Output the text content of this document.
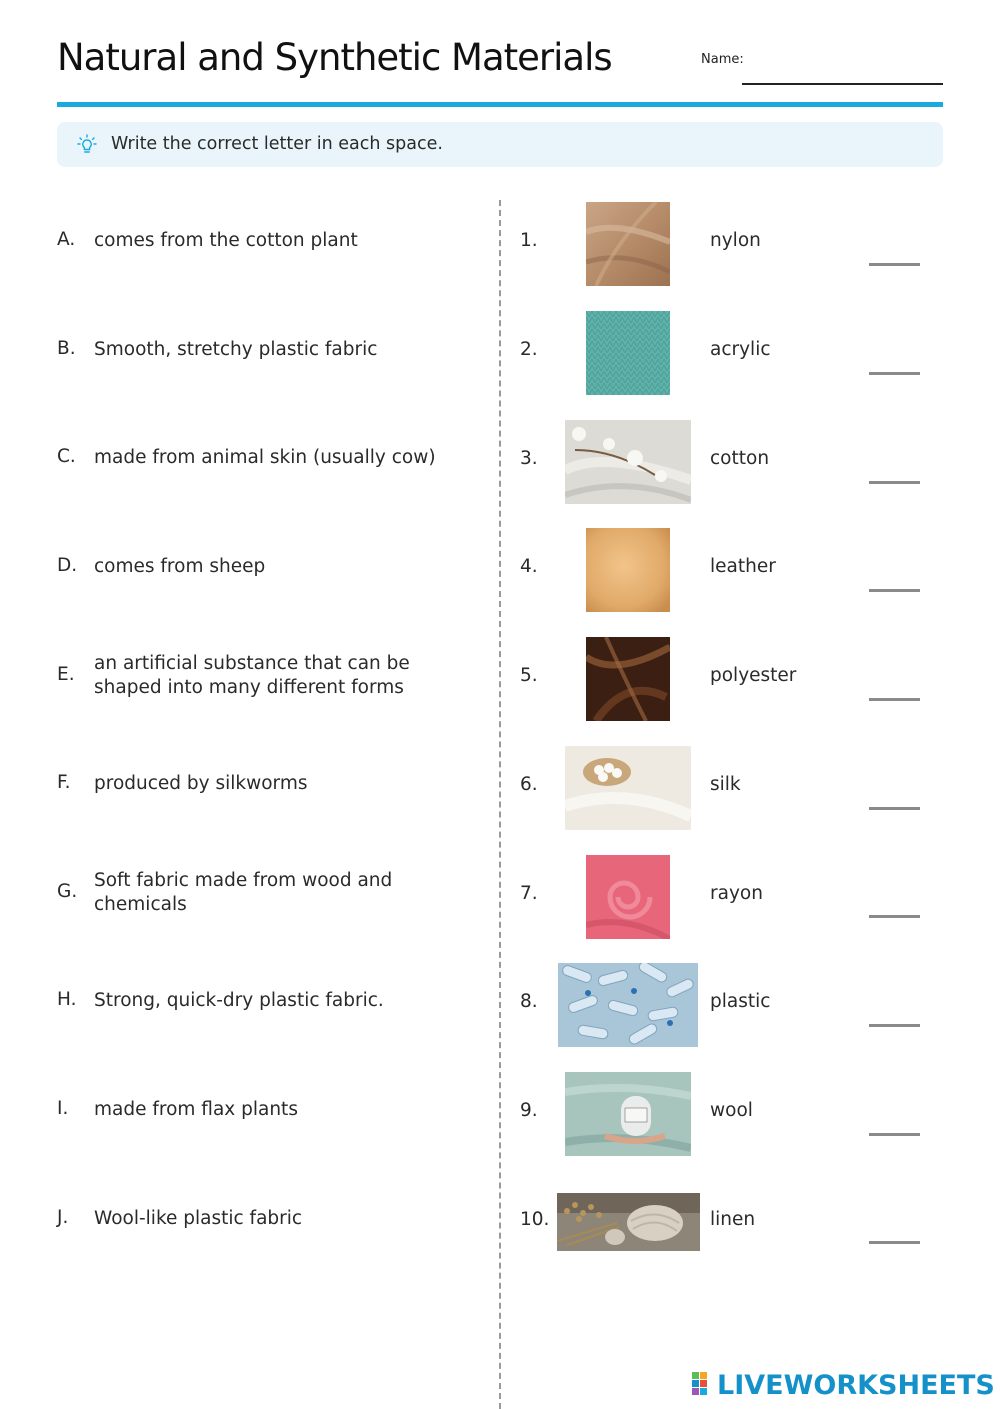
Natural and Synthetic Materials	Name:
Write the correct letter in each space.
A.	comes from the cotton plant
B. Smooth, stretchy plastic fabric
C. made from animal skin (usually cow)
D. comes from sheep
E.
an artificial substance that can be shaped into many different forms
F.	produced by silkworms
G.
Soft fabric made from wood and chemicals
H. Strong, quick-dry plastic fabric.
I.	made from flax plants
J.	Wool-like plastic fabric
1.	nylon
2.	acrylic
3.	cotton
4.	leather
5.	polyester
6.	silk
7.	rayon
8.	plastic
9.	wool
10.	linen
LIVEWORKSHEETS
